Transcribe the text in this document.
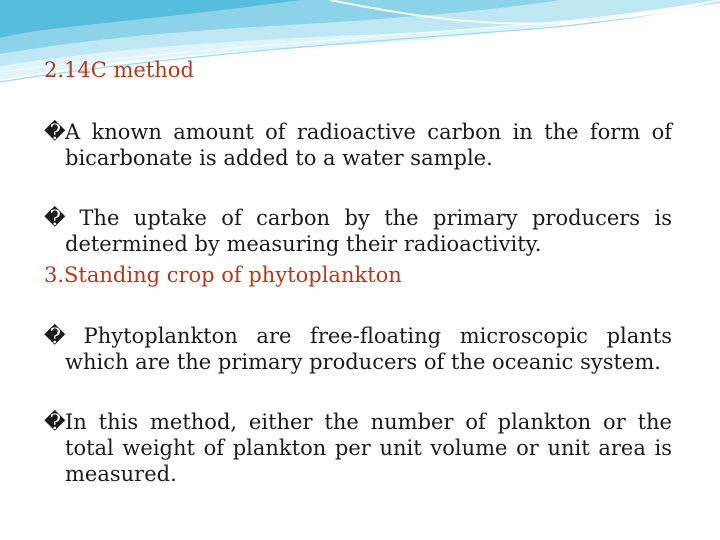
2.14C method

�A known amount of radioactive carbon in the form of bicarbonate is added to a water sample.

� The uptake of carbon by the primary producers is determined by measuring their radioactivity.

3.Standing crop of phytoplankton

� Phytoplankton are free-floating microscopic plants which are the primary producers of the oceanic system.

�In this method, either the number of plankton or the total weight of plankton per unit volume or unit area is measured.
